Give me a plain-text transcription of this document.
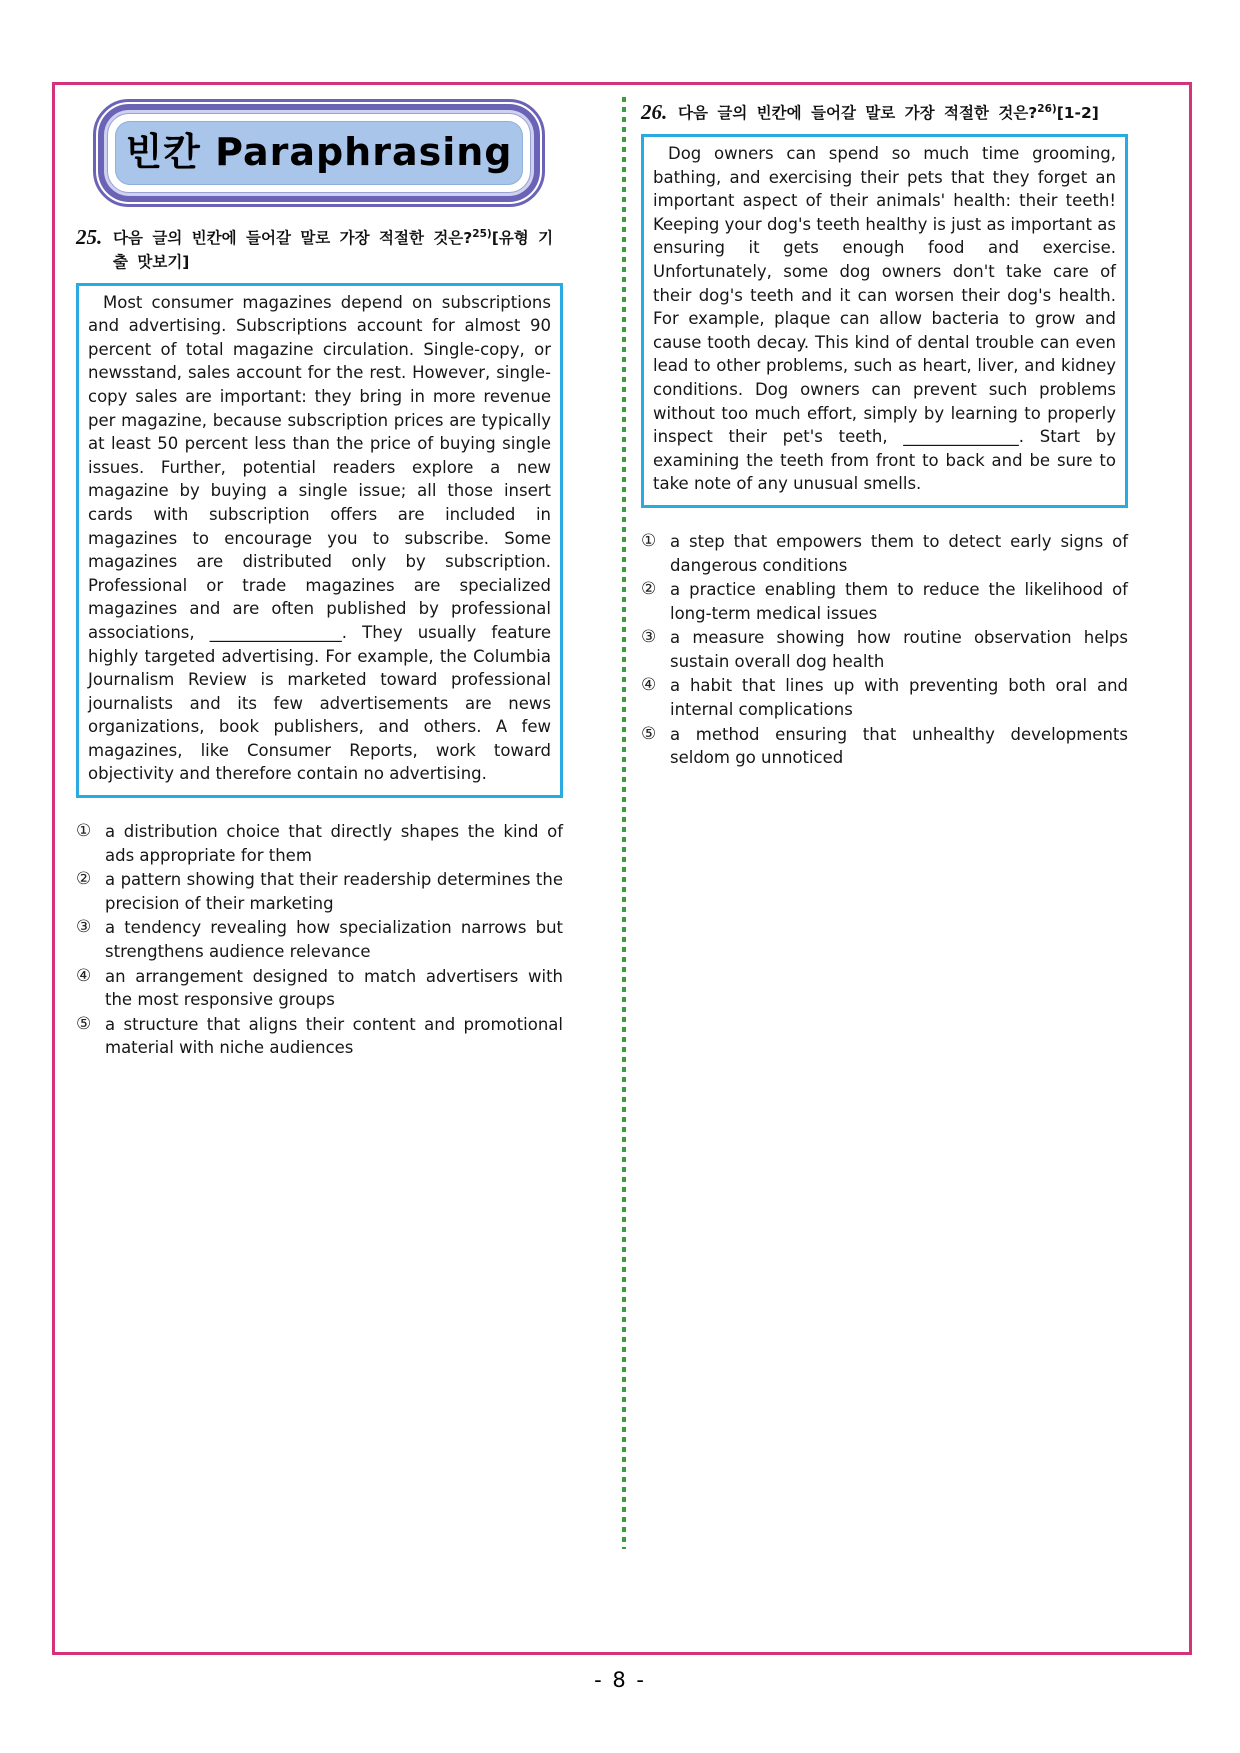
빈칸 Paraphrasing
25. 다음 글의 빈칸에 들어갈 말로 가장 적절한 것은?$^{25)}$[유형 기출 맛보기]

Most consumer magazines depend on subscriptions and advertising. Subscriptions account for almost 90 percent of total magazine circulation. Single-copy, or newsstand, sales account for the rest. However, single-copy sales are important: they bring in more revenue per magazine, because subscription prices are typically at least 50 percent less than the price of buying single issues. Further, potential readers explore a new magazine by buying a single issue; all those insert cards with subscription offers are included in magazines to encourage you to subscribe. Some magazines are distributed only by subscription. Professional or trade magazines are specialized magazines and are often published by professional associations, ________________. They usually feature highly targeted advertising. For example, the Columbia Journalism Review is marketed toward professional journalists and its few advertisements are news organizations, book publishers, and others. A few magazines, like Consumer Reports, work toward objectivity and therefore contain no advertising.

① a distribution choice that directly shapes the kind of ads appropriate for them
② a pattern showing that their readership determines the precision of their marketing
③ a tendency revealing how specialization narrows but strengthens audience relevance
④ an arrangement designed to match advertisers with the most responsive groups
⑤ a structure that aligns their content and promotional material with niche audiences
26. 다음 글의 빈칸에 들어갈 말로 가장 적절한 것은?$^{26)}$[1-2]

Dog owners can spend so much time grooming, bathing, and exercising their pets that they forget an important aspect of their animals' health: their teeth! Keeping your dog's teeth healthy is just as important as ensuring it gets enough food and exercise. Unfortunately, some dog owners don't take care of their dog's teeth and it can worsen their dog's health. For example, plaque can allow bacteria to grow and cause tooth decay. This kind of dental trouble can even lead to other problems, such as heart, liver, and kidney conditions. Dog owners can prevent such problems without too much effort, simply by learning to properly inspect their pet's teeth, ______________. Start by examining the teeth from front to back and be sure to take note of any unusual smells.

① a step that empowers them to detect early signs of dangerous conditions
② a practice enabling them to reduce the likelihood of long-term medical issues
③ a measure showing how routine observation helps sustain overall dog health
④ a habit that lines up with preventing both oral and internal complications
⑤ a method ensuring that unhealthy developments seldom go unnoticed
- 8 -
